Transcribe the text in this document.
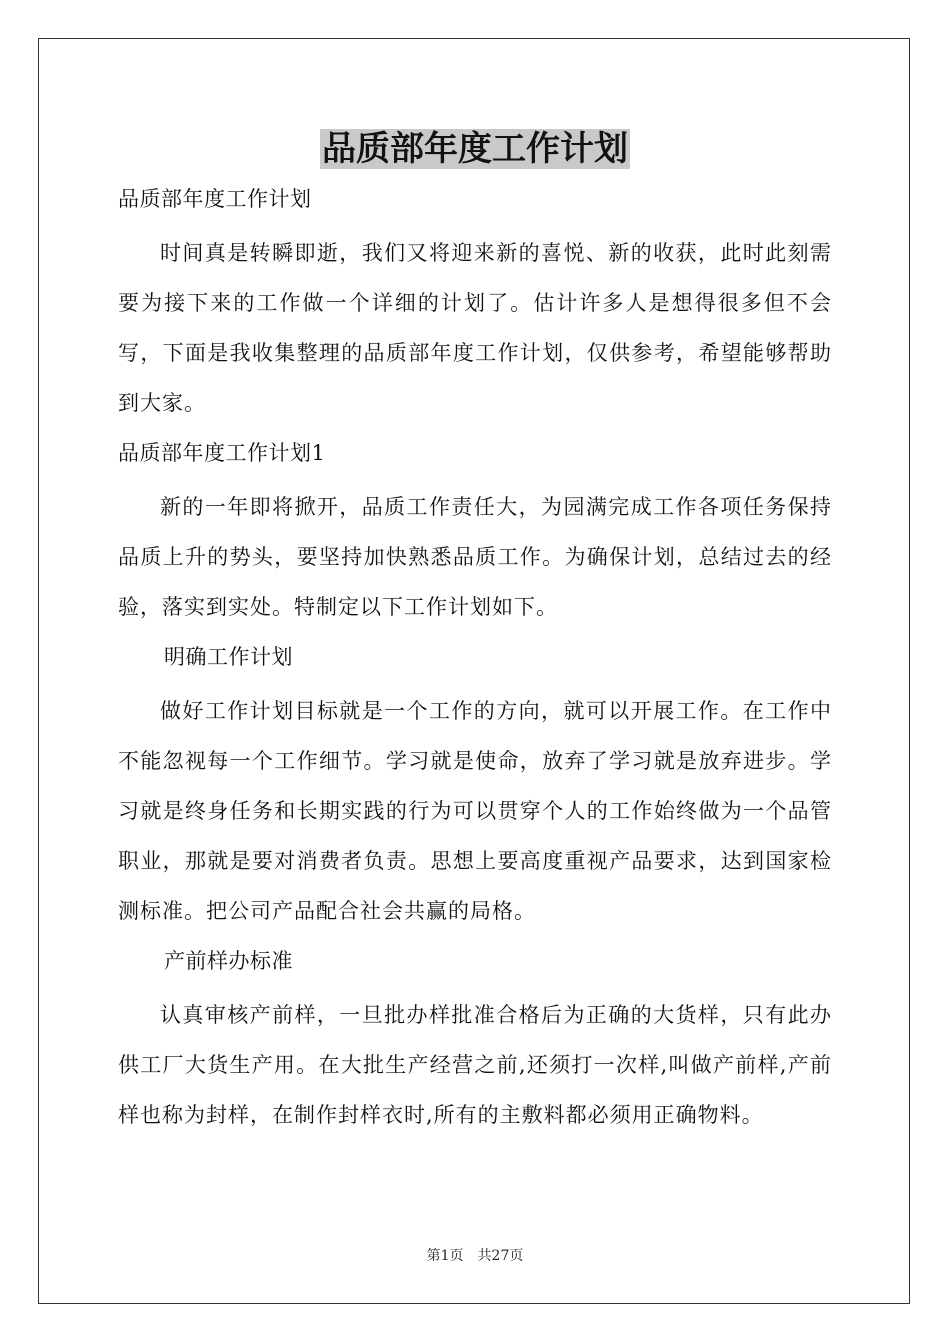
品质部年度工作计划
品质部年度工作计划
时间真是转瞬即逝，我们又将迎来新的喜悦、新的收获，此时此刻需要为接下来的工作做一个详细的计划了。估计许多人是想得很多但不会写，下面是我收集整理的品质部年度工作计划，仅供参考，希望能够帮助到大家。
品质部年度工作计划1
新的一年即将掀开，品质工作责任大，为园满完成工作各项任务保持品质上升的势头，要坚持加快熟悉品质工作。为确保计划，总结过去的经验，落实到实处。特制定以下工作计划如下。
明确工作计划
做好工作计划目标就是一个工作的方向，就可以开展工作。在工作中不能忽视每一个工作细节。学习就是使命，放弃了学习就是放弃进步。学习就是终身任务和长期实践的行为可以贯穿个人的工作始终做为一个品管职业，那就是要对消费者负责。思想上要高度重视产品要求，达到国家检测标准。把公司产品配合社会共赢的局格。
产前样办标准
认真审核产前样，一旦批办样批准合格后为正确的大货样，只有此办供工厂大货生产用。在大批生产经营之前,还须打一次样,叫做产前样,产前样也称为封样，在制作封样衣时,所有的主敷料都必须用正确物料。
第1页　共27页
